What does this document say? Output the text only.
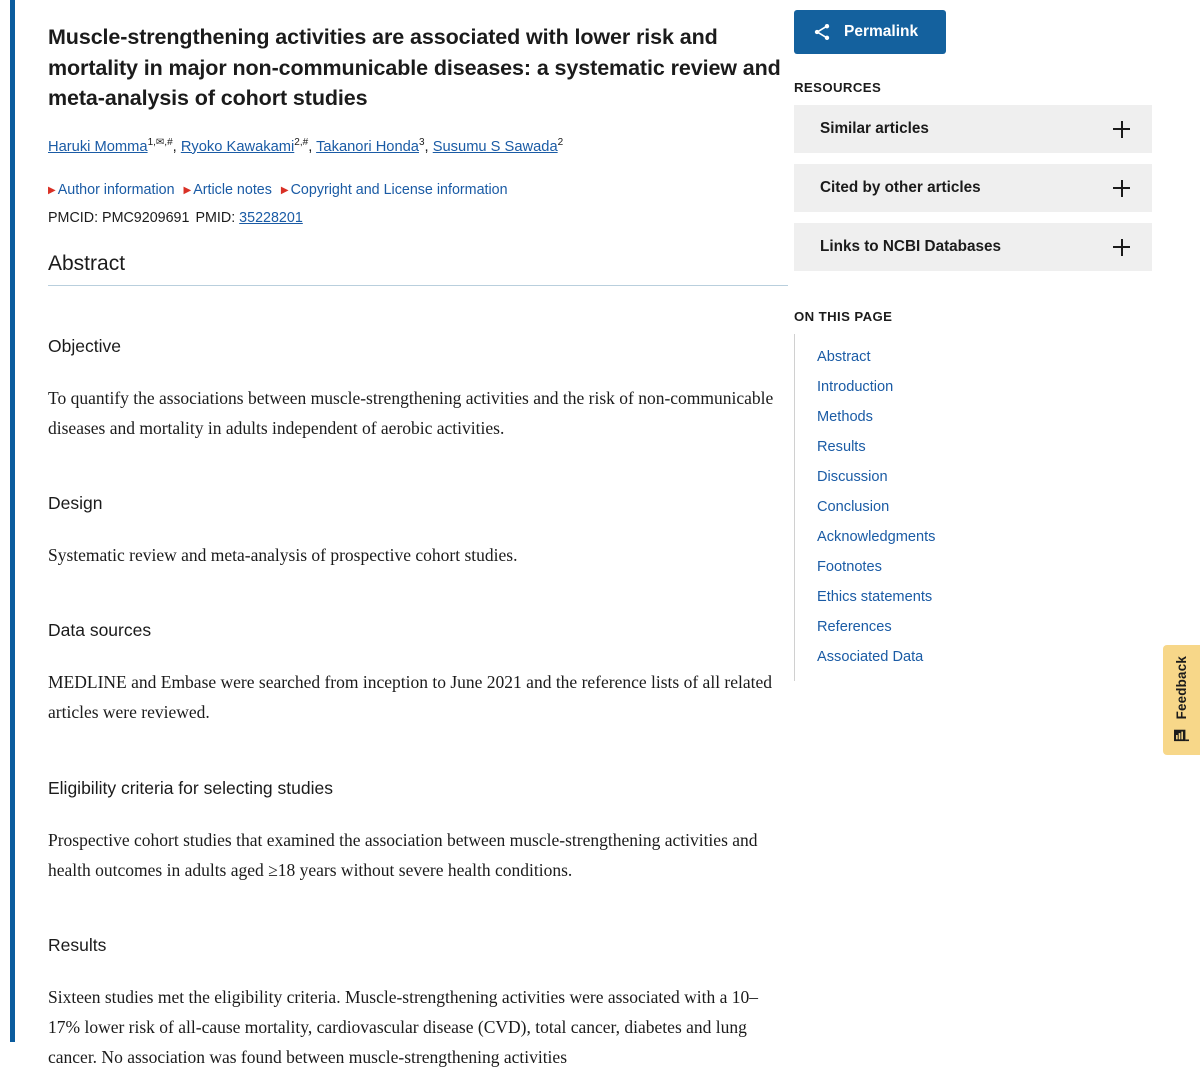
Muscle-strengthening activities are associated with lower risk and mortality in major non-communicable diseases: a systematic review and meta-analysis of cohort studies
Haruki Momma$^{1,✉,\#}$, Ryoko Kawakami$^{2,\#}$, Takanori Honda$^3$, Susumu S Sawada$^2$
▶ Author information ▶ Article notes ▶ Copyright and License information
PMCID: PMC9209691 PMID: 35228201
Abstract
Objective

To quantify the associations between muscle-strengthening activities and the risk of non-communicable diseases and mortality in adults independent of aerobic activities.

Design

Systematic review and meta-analysis of prospective cohort studies.

Data sources

MEDLINE and Embase were searched from inception to June 2021 and the reference lists of all related articles were reviewed.

Eligibility criteria for selecting studies

Prospective cohort studies that examined the association between muscle-strengthening activities and health outcomes in adults aged ≥18 years without severe health conditions.

Results

Sixteen studies met the eligibility criteria. Muscle-strengthening activities were associated with a 10–17% lower risk of all-cause mortality, cardiovascular disease (CVD), total cancer, diabetes and lung cancer. No association was found between muscle-strengthening activities

Permalink
RESOURCES
Similar articles
Cited by other articles
Links to NCBI Databases
ON THIS PAGE
Abstract
Introduction
Methods
Results
Discussion
Conclusion
Acknowledgments
Footnotes
Ethics statements
References
Associated Data	Feedback
